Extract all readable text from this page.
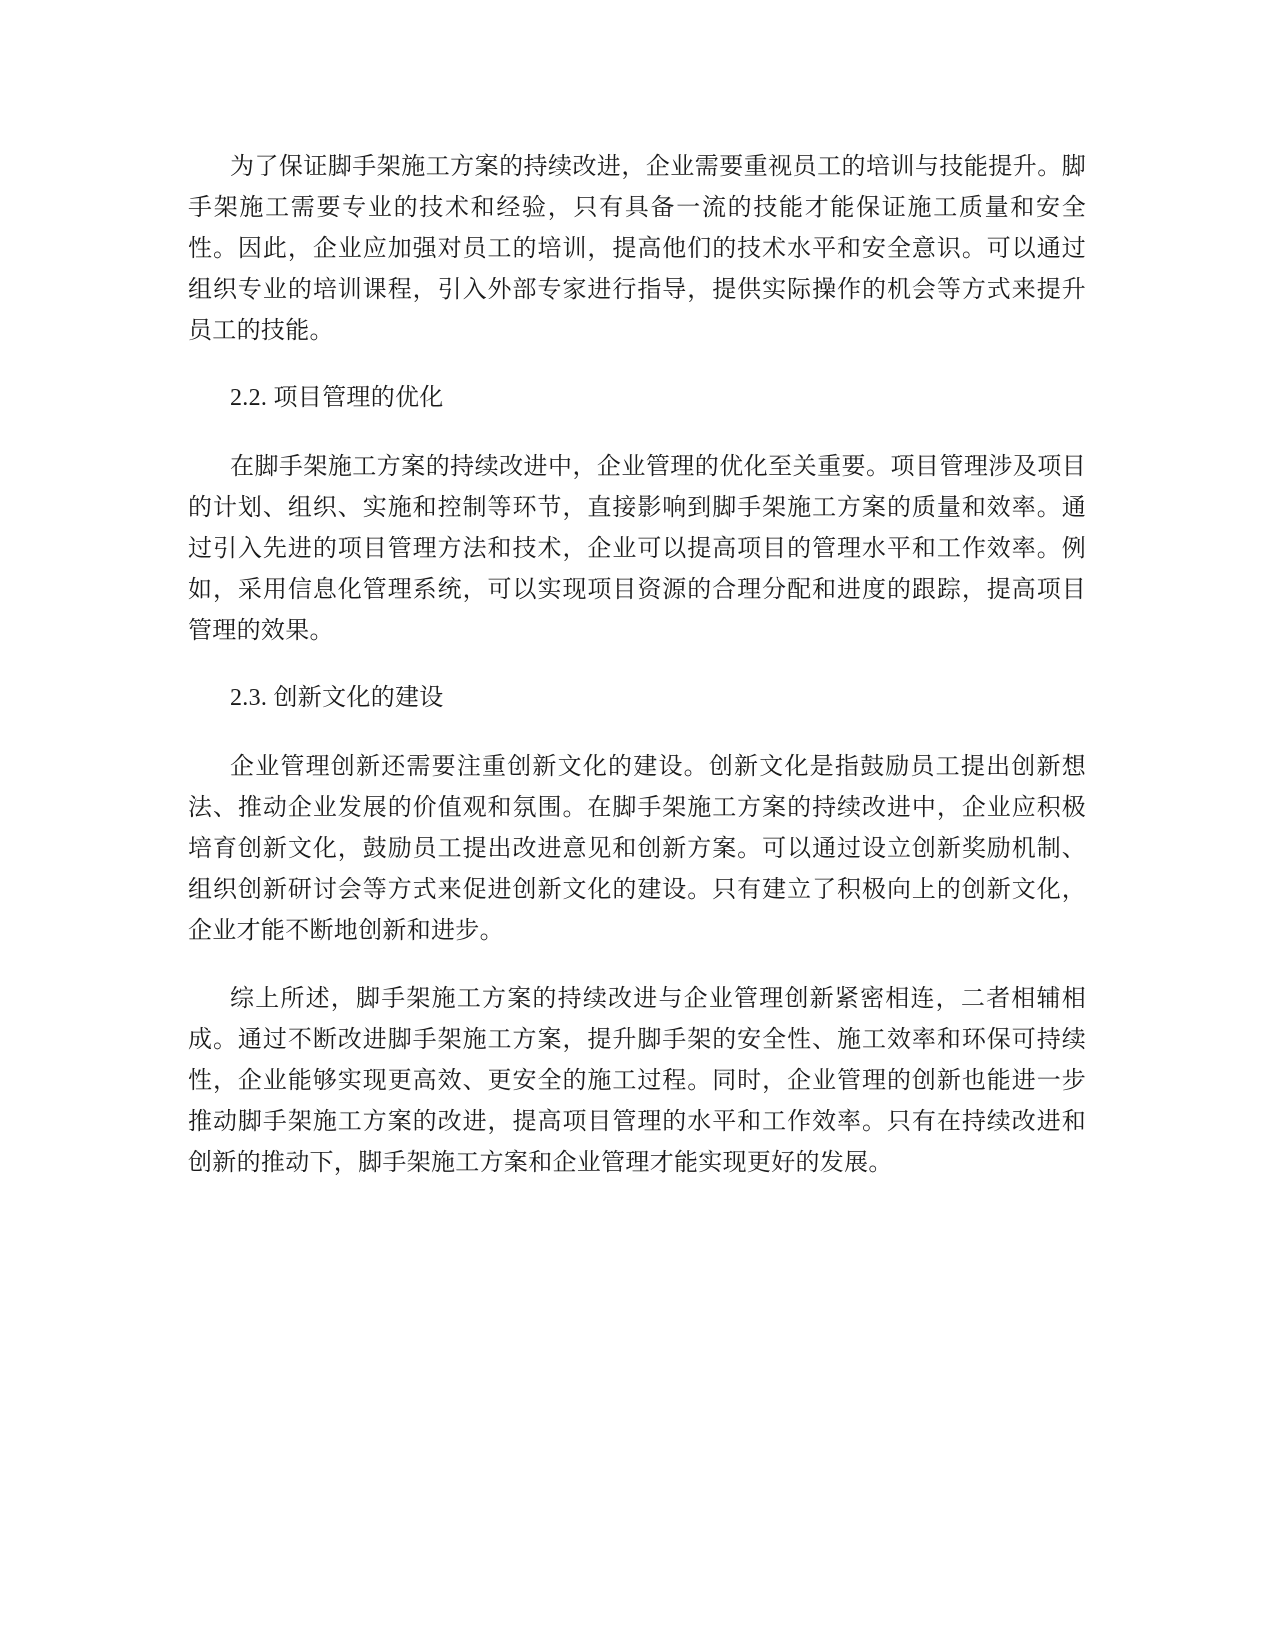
为了保证脚手架施工方案的持续改进，企业需要重视员工的培训与技能提升。脚手架施工需要专业的技术和经验，只有具备一流的技能才能保证施工质量和安全性。因此，企业应加强对员工的培训，提高他们的技术水平和安全意识。可以通过组织专业的培训课程，引入外部专家进行指导，提供实际操作的机会等方式来提升员工的技能。

2.2. 项目管理的优化

在脚手架施工方案的持续改进中，企业管理的优化至关重要。项目管理涉及项目的计划、组织、实施和控制等环节，直接影响到脚手架施工方案的质量和效率。通过引入先进的项目管理方法和技术，企业可以提高项目的管理水平和工作效率。例如，采用信息化管理系统，可以实现项目资源的合理分配和进度的跟踪，提高项目管理的效果。

2.3. 创新文化的建设

企业管理创新还需要注重创新文化的建设。创新文化是指鼓励员工提出创新想法、推动企业发展的价值观和氛围。在脚手架施工方案的持续改进中，企业应积极培育创新文化，鼓励员工提出改进意见和创新方案。可以通过设立创新奖励机制、组织创新研讨会等方式来促进创新文化的建设。只有建立了积极向上的创新文化，企业才能不断地创新和进步。

综上所述，脚手架施工方案的持续改进与企业管理创新紧密相连，二者相辅相成。通过不断改进脚手架施工方案，提升脚手架的安全性、施工效率和环保可持续性，企业能够实现更高效、更安全的施工过程。同时，企业管理的创新也能进一步推动脚手架施工方案的改进，提高项目管理的水平和工作效率。只有在持续改进和创新的推动下，脚手架施工方案和企业管理才能实现更好的发展。
